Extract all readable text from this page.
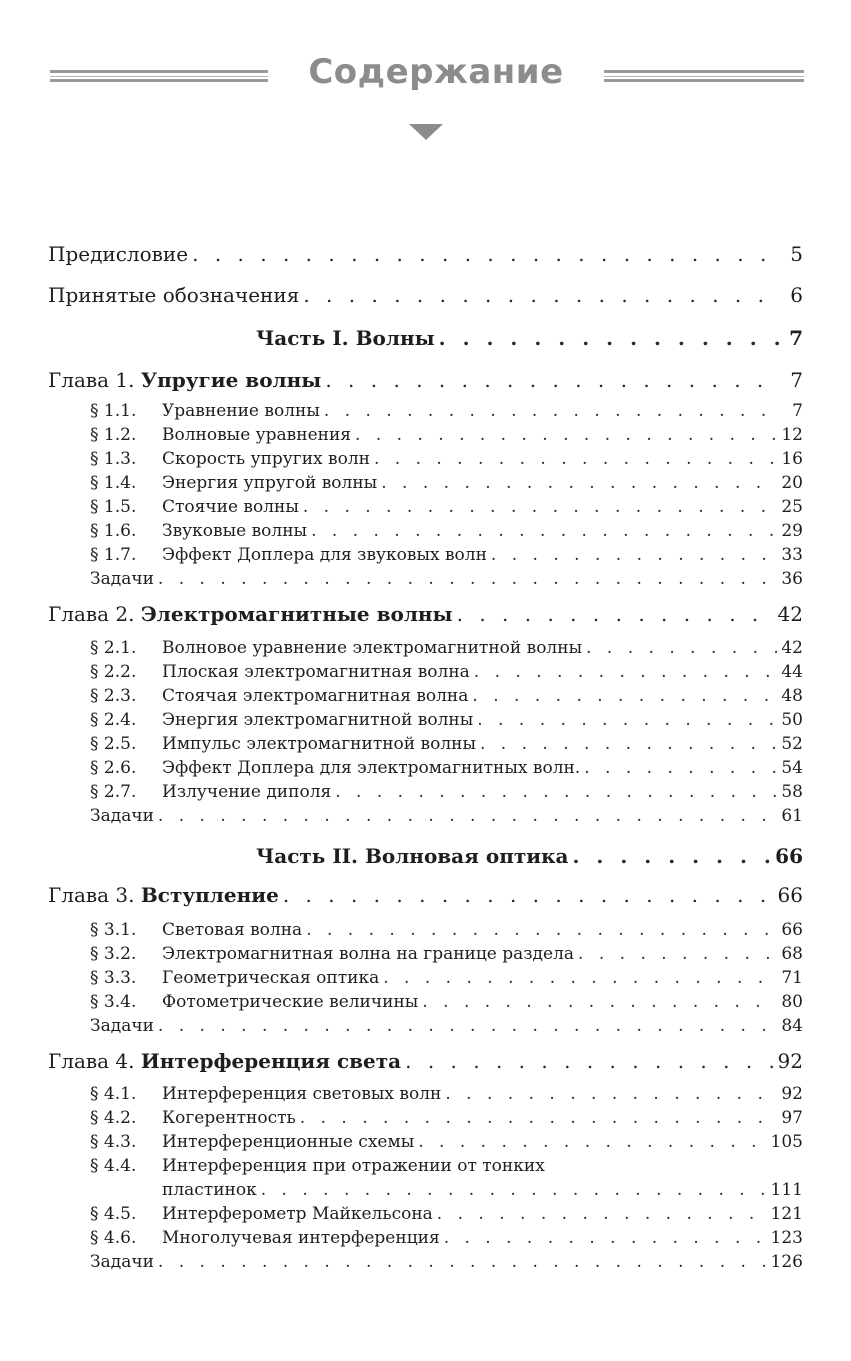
Содержание
Предисловие . . .	5
Принятые обозначения . . .	6
Часть I. Волны . . .	7
Глава 1. Упругие волны . . .	7
§ 1.1.	Уравнение волны . . .	7
§ 1.2.	Волновые уравнения . . .	12
§ 1.3.	Скорость упругих волн . . .	16
§ 1.4.	Энергия упругой волны . . .	20
§ 1.5.	Стоячие волны . . .	25
§ 1.6.	Звуковые волны . . .	29
§ 1.7.	Эффект Доплера для звуковых волн . . .	33
Задачи . . .	36
Глава 2. Электромагнитные волны . . .	42
§ 2.1.	Волновое уравнение электромагнитной волны . . .	42
§ 2.2.	Плоская электромагнитная волна . . .	44
§ 2.3.	Стоячая электромагнитная волна . . .	48
§ 2.4.	Энергия электромагнитной волны . . .	50
§ 2.5.	Импульс электромагнитной волны . . .	52
§ 2.6.	Эффект Доплера для электромагнитных волн. . . .	54
§ 2.7.	Излучение диполя . . .	58
Задачи . . .	61
Часть II. Волновая оптика . . .	66
Глава 3. Вступление . . .	66
§ 3.1.	Световая волна . . .	66
§ 3.2.	Электромагнитная волна на границе раздела . . .	68
§ 3.3.	Геометрическая оптика . . .	71
§ 3.4.	Фотометрические величины . . .	80
Задачи . . .	84
Глава 4. Интерференция света . . .	92
§ 4.1.	Интерференция световых волн . . .	92
§ 4.2.	Когерентность . . .	97
§ 4.3.	Интерференционные схемы . . .	105
§ 4.4.	Интерференция при отражении от тонких
пластинок . . .	111
§ 4.5.	Интерферометр Майкельсона . . .	121
§ 4.6.	Многолучевая интерференция . . .	123
Задачи . . .	126
